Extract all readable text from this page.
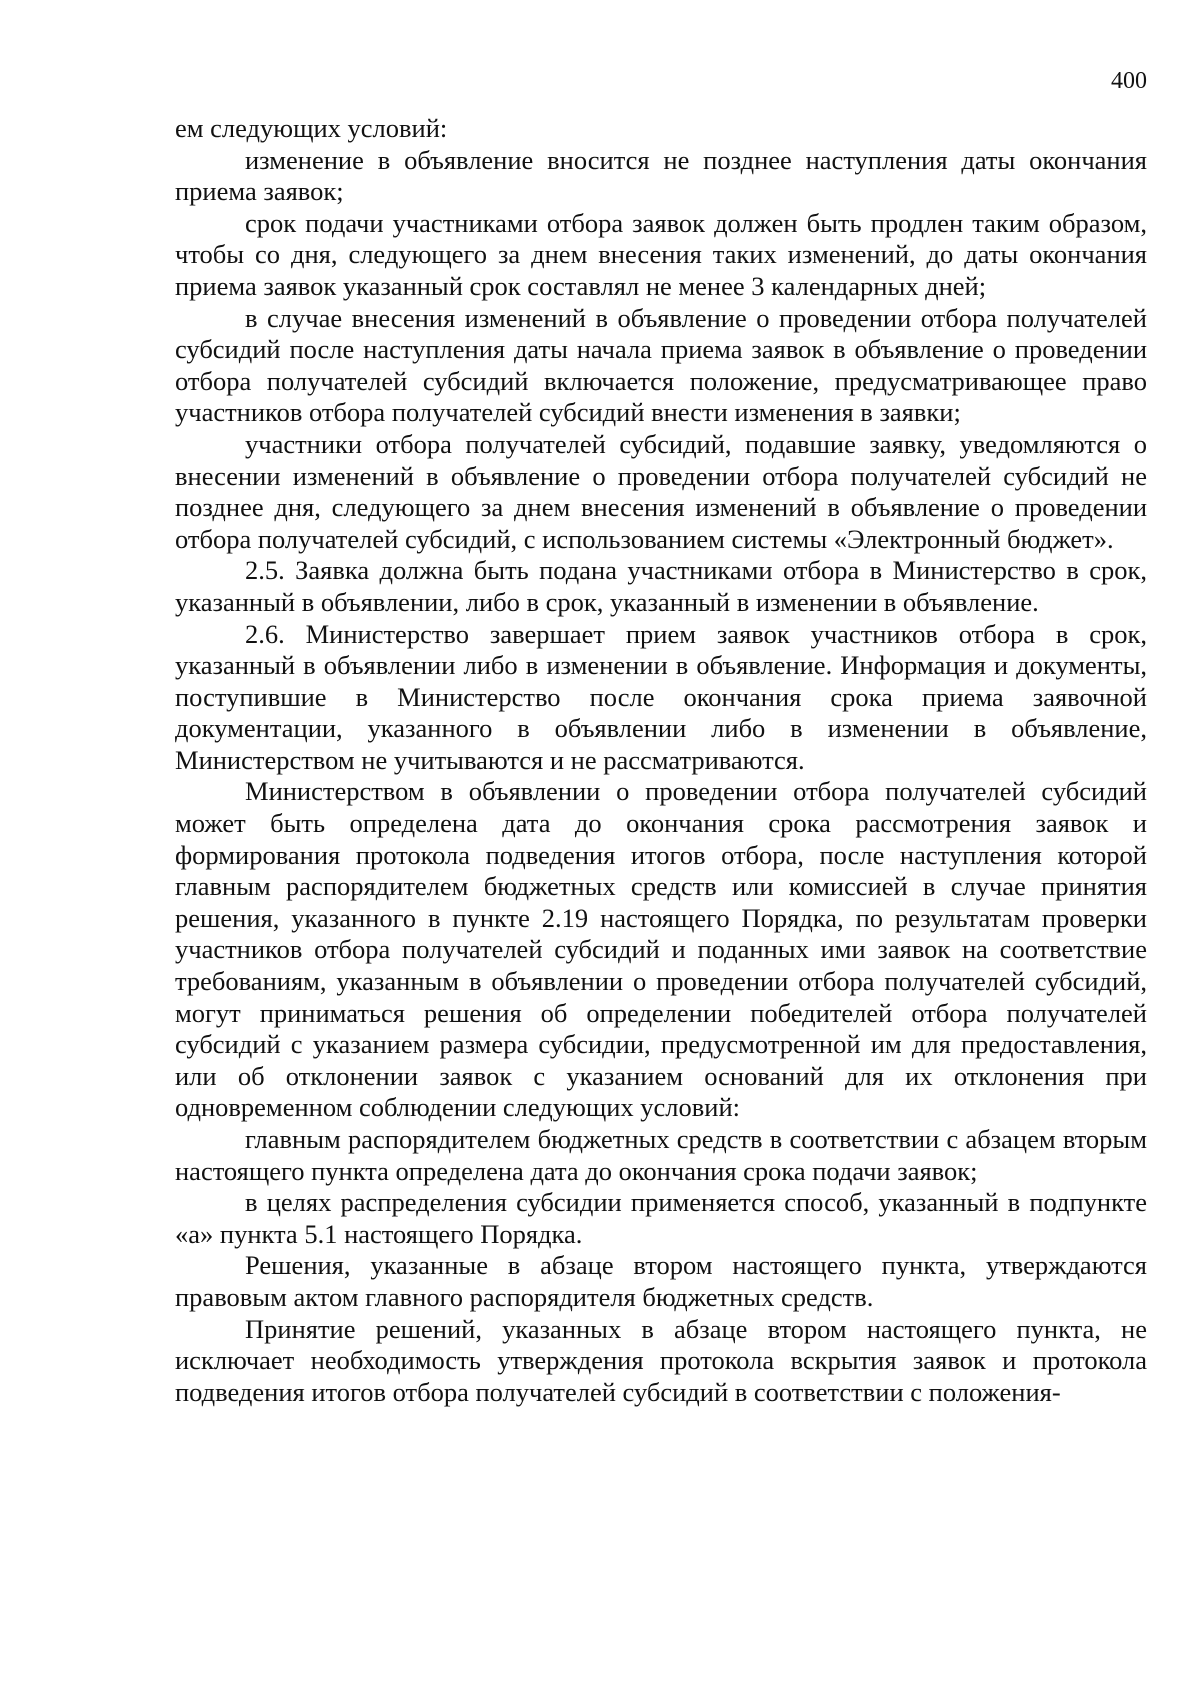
400

ем следующих условий:

изменение в объявление вносится не позднее наступления даты окончания приема заявок;

срок подачи участниками отбора заявок должен быть продлен таким образом, чтобы со дня, следующего за днем внесения таких изменений, до даты окончания приема заявок указанный срок составлял не менее 3 календарных дней;

в случае внесения изменений в объявление о проведении отбора получателей субсидий после наступления даты начала приема заявок в объявление о проведении отбора получателей субсидий включается положение, предусматривающее право участников отбора получателей субсидий внести изменения в заявки;

участники отбора получателей субсидий, подавшие заявку, уведомляются о внесении изменений в объявление о проведении отбора получателей субсидий не позднее дня, следующего за днем внесения изменений в объявление о проведении отбора получателей субсидий, с использованием системы «Электронный бюджет».

2.5. Заявка должна быть подана участниками отбора в Министерство в срок, указанный в объявлении, либо в срок, указанный в изменении в объявление.

2.6. Министерство завершает прием заявок участников отбора в срок, указанный в объявлении либо в изменении в объявление. Информация и документы, поступившие в Министерство после окончания срока приема заявочной документации, указанного в объявлении либо в изменении в объявление, Министерством не учитываются и не рассматриваются.

Министерством в объявлении о проведении отбора получателей субсидий может быть определена дата до окончания срока рассмотрения заявок и формирования протокола подведения итогов отбора, после наступления которой главным распорядителем бюджетных средств или комиссией в случае принятия решения, указанного в пункте 2.19 настоящего Порядка, по результатам проверки участников отбора получателей субсидий и поданных ими заявок на соответствие требованиям, указанным в объявлении о проведении отбора получателей субсидий, могут приниматься решения об определении победителей отбора получателей субсидий с указанием размера субсидии, предусмотренной им для предоставления, или об отклонении заявок с указанием оснований для их отклонения при одновременном соблюдении следующих условий:

главным распорядителем бюджетных средств в соответствии с абзацем вторым настоящего пункта определена дата до окончания срока подачи заявок;

в целях распределения субсидии применяется способ, указанный в подпункте «а» пункта 5.1 настоящего Порядка.

Решения, указанные в абзаце втором настоящего пункта, утверждаются правовым актом главного распорядителя бюджетных средств.

Принятие решений, указанных в абзаце втором настоящего пункта, не исключает необходимость утверждения протокола вскрытия заявок и протокола подведения итогов отбора получателей субсидий в соответствии с положения-
